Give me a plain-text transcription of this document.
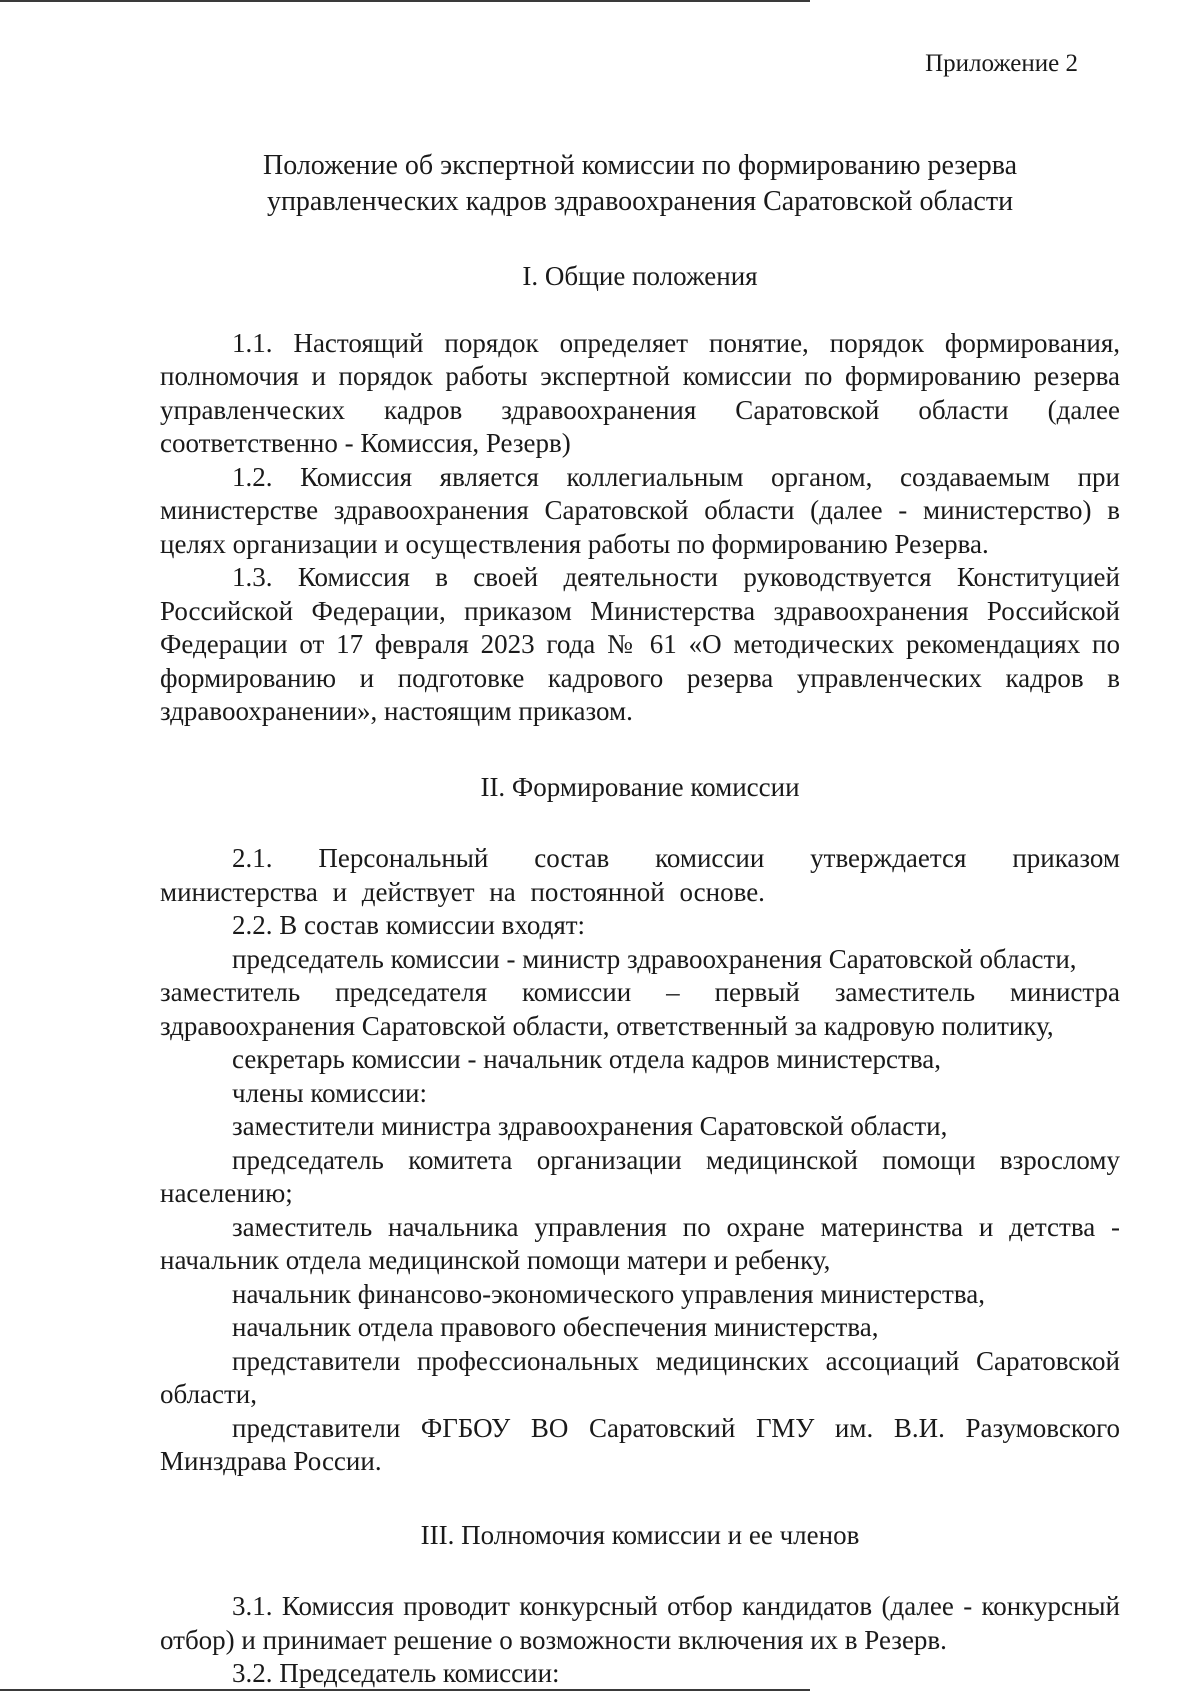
Приложение 2
Положение об экспертной комиссии по формированию резерва
управленческих кадров здравоохранения Саратовской области
I. Общие положения

1.1. Настоящий порядок определяет понятие, порядок формирования, полномочия и порядок работы экспертной комиссии по формированию резерва управленческих кадров здравоохранения Саратовской области (далее соответственно - Комиссия, Резерв)

1.2. Комиссия является коллегиальным органом, создаваемым при министерстве здравоохранения Саратовской области (далее - министерство) в целях организации и осуществления работы по формированию Резерва.

1.3. Комиссия в своей деятельности руководствуется Конституцией Российской Федерации, приказом Министерства здравоохранения Российской Федерации от 17 февраля 2023 года № 61 «О методических рекомендациях по формированию и подготовке кадрового резерва управленческих кадров в здравоохранении», настоящим приказом.

II. Формирование комиссии

2.1. Персональный состав комиссии утверждается приказом министерства и действует на постоянной основе.

2.2. В состав комиссии входят:

председатель комиссии - министр здравоохранения Саратовской области,

заместитель председателя комиссии – первый заместитель министра здравоохранения Саратовской области, ответственный за кадровую политику,

секретарь комиссии - начальник отдела кадров министерства,

члены комиссии:

заместители министра здравоохранения Саратовской области,

председатель комитета организации медицинской помощи взрослому населению;

заместитель начальника управления по охране материнства и детства - начальник отдела медицинской помощи матери и ребенку,

начальник финансово-экономического управления министерства,

начальник отдела правового обеспечения министерства,

представители профессиональных медицинских ассоциаций Саратовской области,

представители ФГБОУ ВО Саратовский ГМУ им. В.И. Разумовского Минздрава России.

III. Полномочия комиссии и ее членов

3.1. Комиссия проводит конкурсный отбор кандидатов (далее - конкурсный отбор) и принимает решение о возможности включения их в Резерв.

3.2. Председатель комиссии:
